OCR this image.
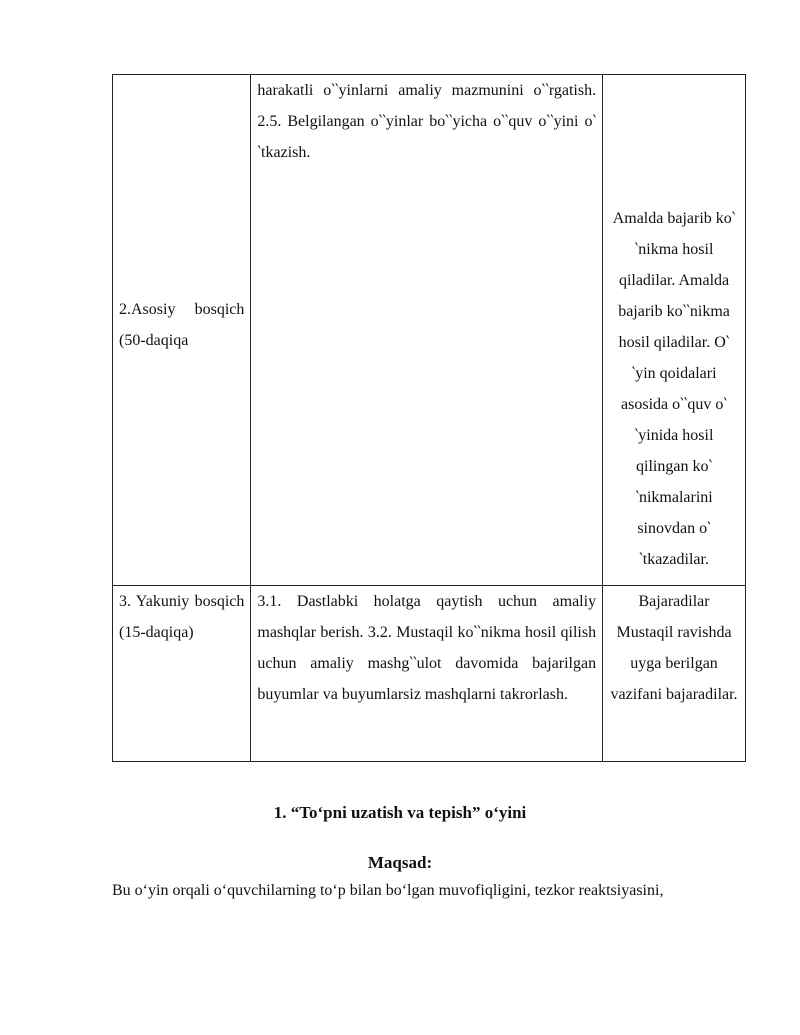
2.Asosiy bosqich (50-daqiqa	harakatli o‵‵yinlarni amaliy mazmunini o‵‵rgatish. 2.5. Belgilangan o‵‵yinlar bo‵‵yicha o‵‵quv o‵‵yini o‵‵tkazish.	Amalda bajarib ko‵‵nikma hosil qiladilar. Amalda bajarib ko‵‵nikma hosil qiladilar. O‵‵yin qoidalari asosida o‵‵quv o‵‵yinida hosil qilingan ko‵‵nikmalarini sinovdan o‵‵tkazadilar.

3. Yakuniy bosqich (15-daqiqa)	3.1. Dastlabki holatga qaytish uchun amaliy mashqlar berish. 3.2. Mustaqil ko‵‵nikma hosil qilish uchun amaliy mashg‵‵ulot davomida bajarilgan buyumlar va buyumlarsiz mashqlarni takrorlash.	Bajaradilar Mustaqil ravishda uyga berilgan vazifani bajaradilar.
1. “To‘pni uzatish va tepish” o‘yini
Maqsad:
Bu o‘yin orqali o‘quvchilarning to‘p bilan bo‘lgan muvofiqligini, tezkor reaktsiyasini,
